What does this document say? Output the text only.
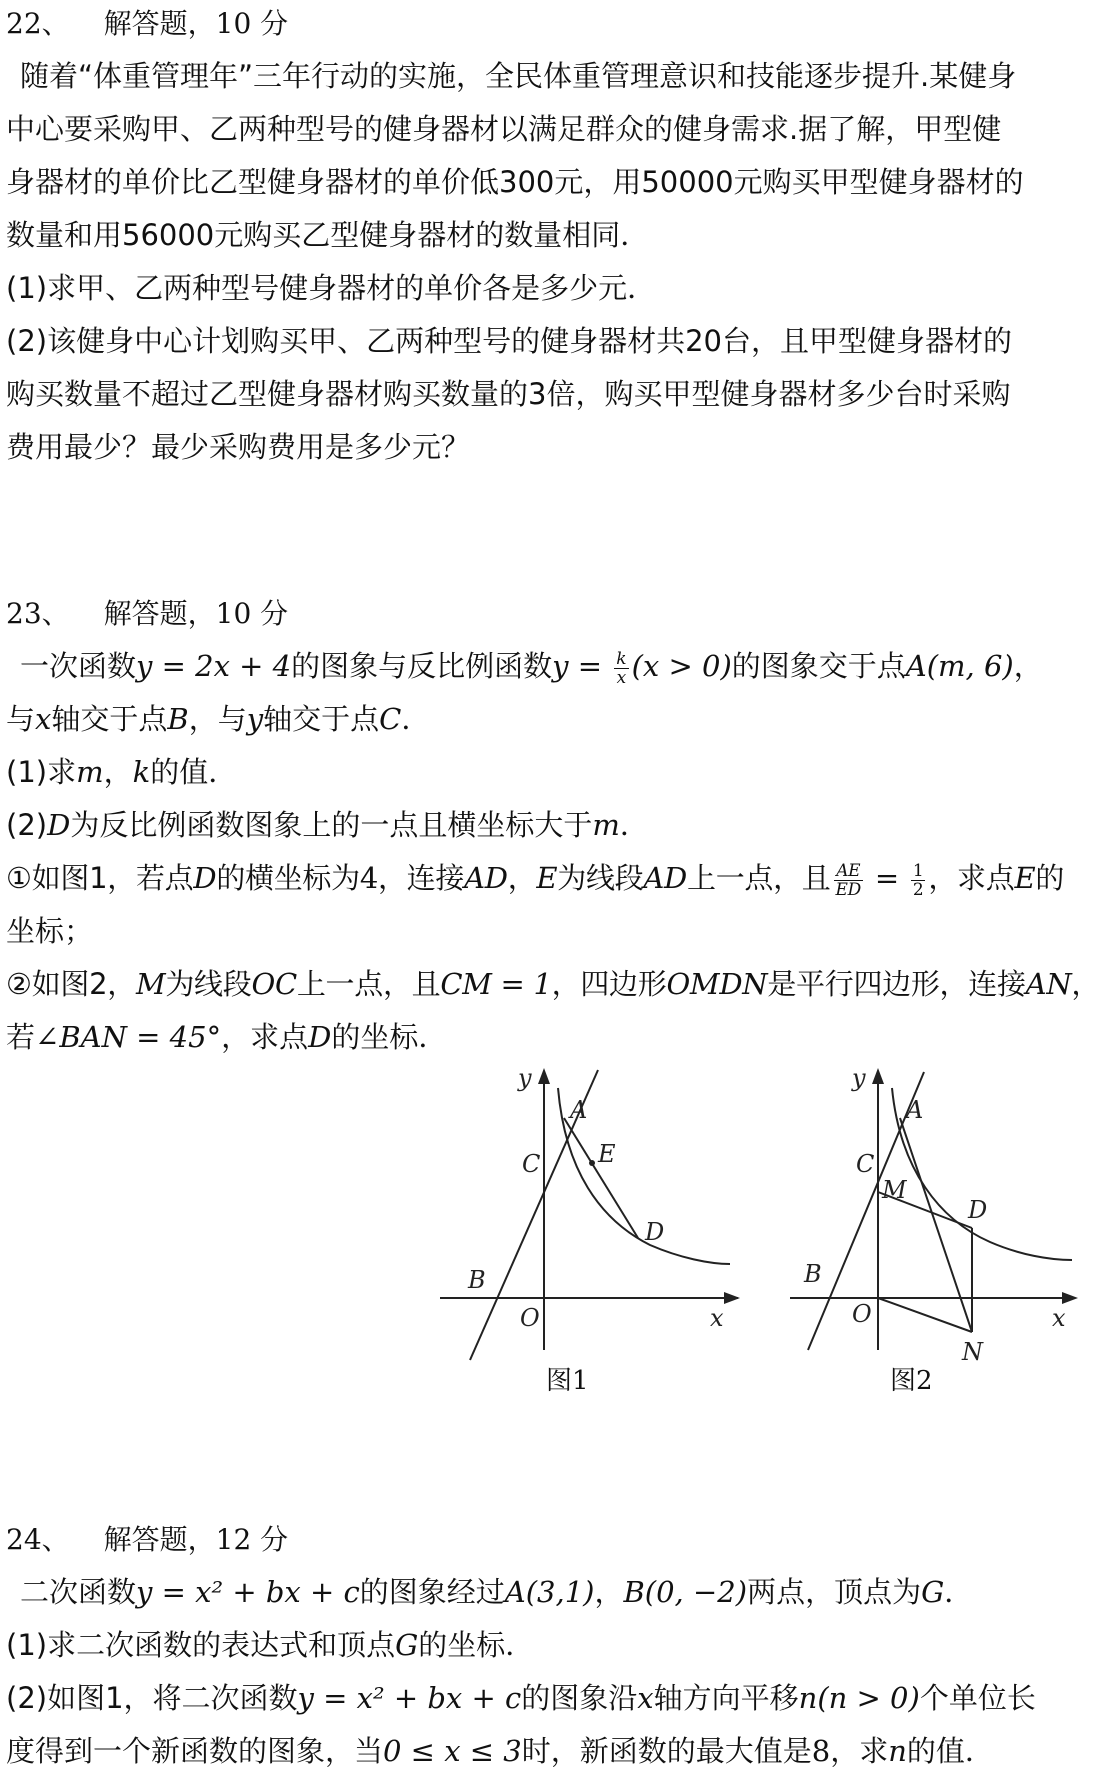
22、 解答题，10 分
随着“体重管理年”三年行动的实施，全民体重管理意识和技能逐步提升.某健身
中心要采购甲、乙两种型号的健身器材以满足群众的健身需求.据了解，甲型健
身器材的单价比乙型健身器材的单价低300元，用50000元购买甲型健身器材的
数量和用56000元购买乙型健身器材的数量相同．
(1)求甲、乙两种型号健身器材的单价各是多少元．
(2)该健身中心计划购买甲、乙两种型号的健身器材共20台，且甲型健身器材的
购买数量不超过乙型健身器材购买数量的3倍，购买甲型健身器材多少台时采购
费用最少？最少采购费用是多少元？
23、 解答题，10 分
一次函数y = 2x + 4的图象与反比例函数$y = \frac{k}{x} (x > 0)$的图象交于点A(m, 6)，
与x轴交于点B，与y轴交于点C．
(1)求m，k的值．
(2)D为反比例函数图象上的一点且横坐标大于m．
①如图1，若点D的横坐标为4，连接AD，E为线段AD上一点，且 $\frac{AE}{ED} = \frac{1}{2}$ ，求点E的
坐标；
②如图2，M为线段OC上一点，且CM = 1，四边形OMDN是平行四边形，连接AN，
若∠BAN = 45°，求点D的坐标．
y
A
E
C
D
B
O	x
图1
y
A
C
M
D
B
O
N
x
图2
24、 解答题，12 分
二次函数y = x² + bx + c的图象经过A(3,1)，B(0, −2)两点，顶点为G．
(1)求二次函数的表达式和顶点G的坐标．
(2)如图1，将二次函数y = x² + bx + c的图象沿x轴方向平移n(n > 0)个单位长
度得到一个新函数的图象，当0 ≤ x ≤ 3时，新函数的最大值是8，求n的值．
